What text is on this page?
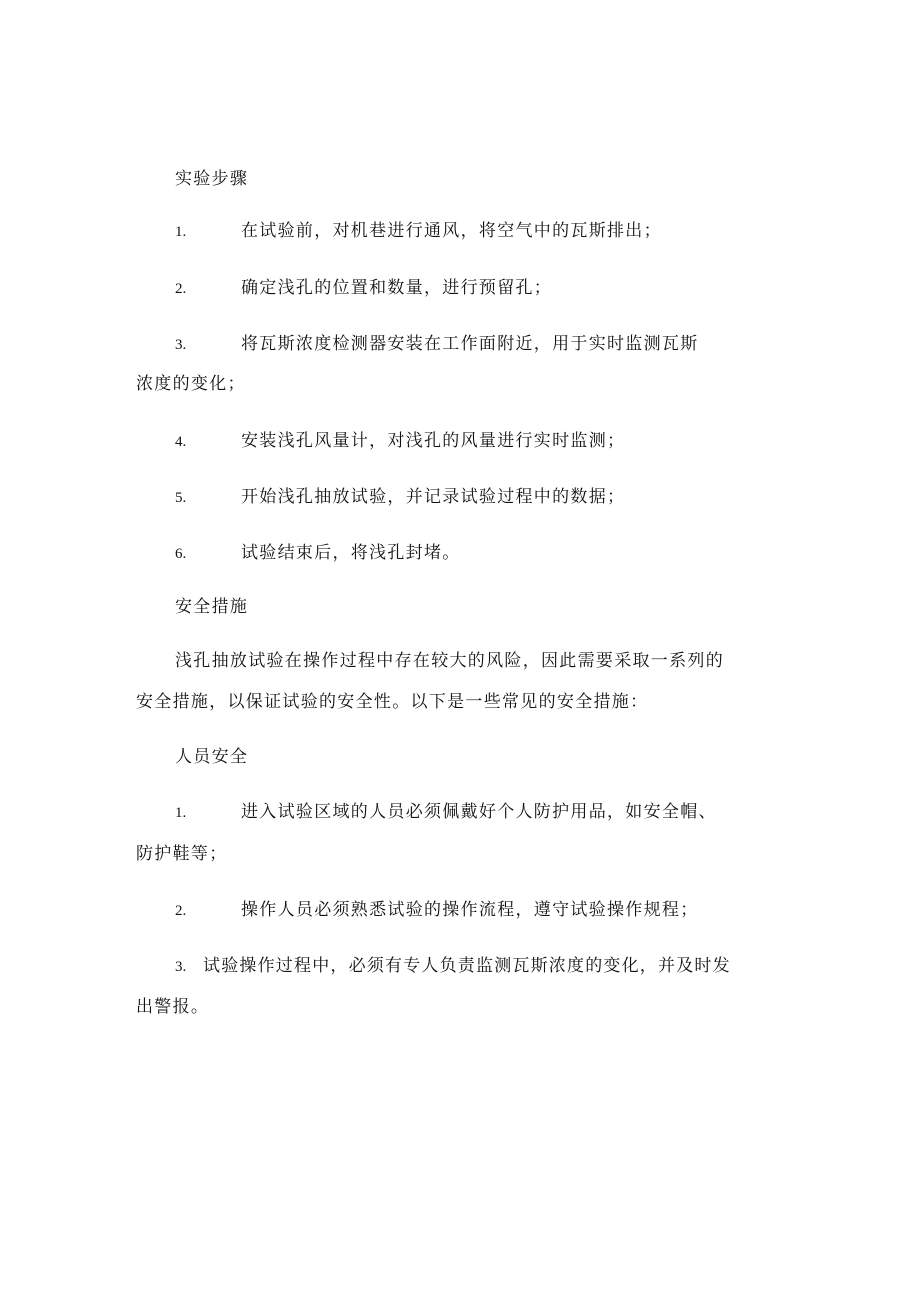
实验步骤
1.	在试验前，对机巷进行通风，将空气中的瓦斯排出；
2.	确定浅孔的位置和数量，进行预留孔；
3.	将瓦斯浓度检测器安装在工作面附近，用于实时监测瓦斯
浓度的变化；
4.	安装浅孔风量计，对浅孔的风量进行实时监测；
5.	开始浅孔抽放试验，并记录试验过程中的数据；
6.	试验结束后，将浅孔封堵。
安全措施
浅孔抽放试验在操作过程中存在较大的风险，因此需要采取一系列的
安全措施，以保证试验的安全性。以下是一些常见的安全措施：
人员安全
1.	进入试验区域的人员必须佩戴好个人防护用品，如安全帽、
防护鞋等；
2.	操作人员必须熟悉试验的操作流程，遵守试验操作规程；
3. 试验操作过程中，必须有专人负责监测瓦斯浓度的变化，并及时发
出警报。
